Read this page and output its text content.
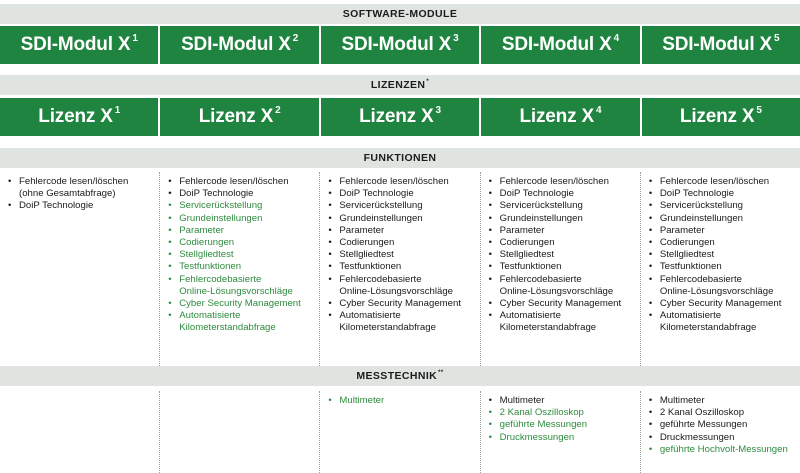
SOFTWARE-MODULE
SDI-Modul $X^1$ SDI-Modul $X^2$ SDI-Modul $X^3$ SDI-Modul $X^4$ SDI-Modul $X^5$
LIZENZEN*
Lizenz $X^1$	Lizenz $X^2$	Lizenz $X^3$	Lizenz $X^4$	Lizenz $X^5$
FUNKTIONEN
• Fehlercode lesen/löschen
(ohne Gesamtabfrage)
• DoiP Technologie
• Fehlercode lesen/löschen
• DoiP Technologie
• Servicerückstellung
• Grundeinstellungen
• Parameter
• Codierungen
• Stellgliedtest
• Testfunktionen
• Fehlercodebasierte
Online-Lösungsvorschläge
• Cyber Security Management
• Automatisierte
Kilometerstandabfrage
• Fehlercode lesen/löschen
• DoiP Technologie
• Servicerückstellung
• Grundeinstellungen
• Parameter
• Codierungen
• Stellgliedtest
• Testfunktionen
• Fehlercodebasierte
Online-Lösungsvorschläge
• Cyber Security Management
• Automatisierte
Kilometerstandabfrage
• Fehlercode lesen/löschen
• DoiP Technologie
• Servicerückstellung
• Grundeinstellungen
• Parameter
• Codierungen
• Stellgliedtest
• Testfunktionen
• Fehlercodebasierte
Online-Lösungsvorschläge
• Cyber Security Management
• Automatisierte
Kilometerstandabfrage
• Fehlercode lesen/löschen
• DoiP Technologie
• Servicerückstellung
• Grundeinstellungen
• Parameter
• Codierungen
• Stellgliedtest
• Testfunktionen
• Fehlercodebasierte
Online-Lösungsvorschläge
• Cyber Security Management
• Automatisierte
Kilometerstandabfrage
MESSTECHNIK**
• Multimeter
•	Multimeter
• 2 Kanal Oszilloskop
• geführte Messungen
• Druckmessungen
• Multimeter
• 2 Kanal Oszilloskop
• geführte Messungen
• Druckmessungen
• geführte Hochvolt-Messungen
